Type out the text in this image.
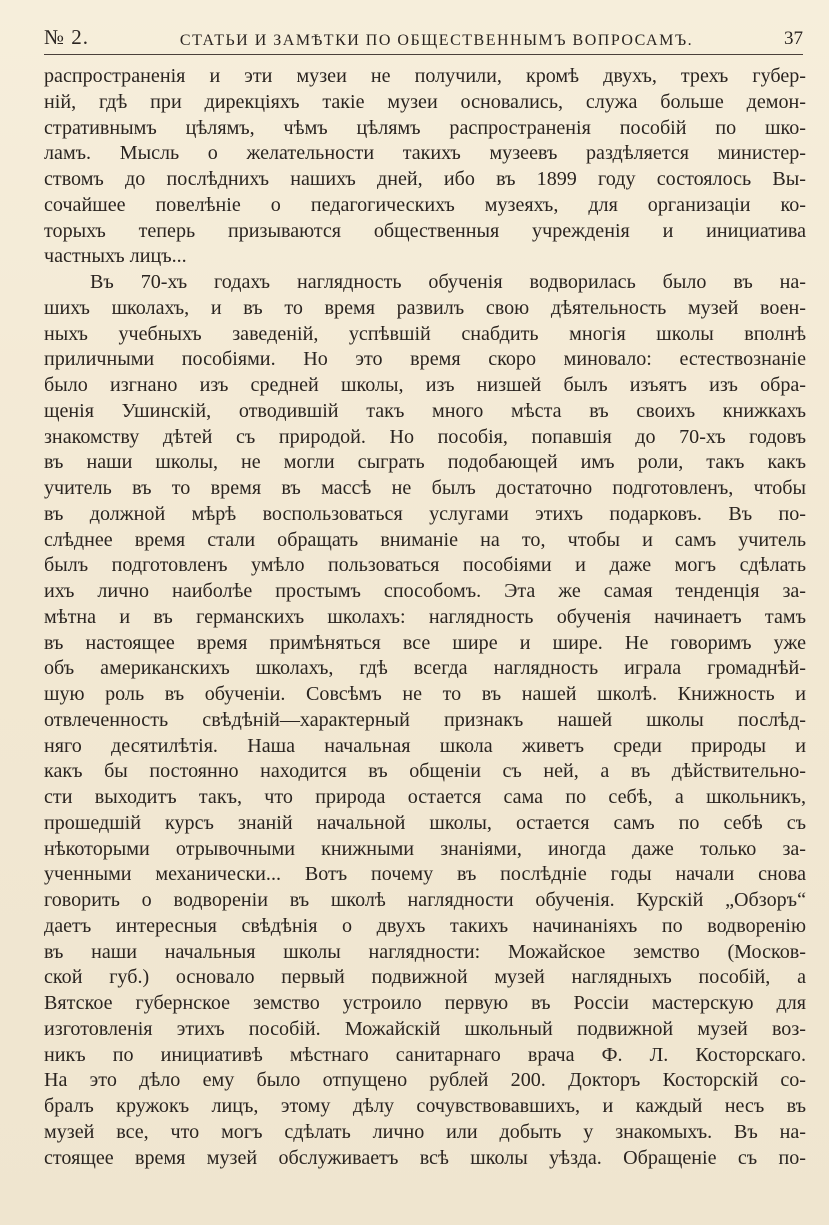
№ 2.	СТАТЬИ И ЗАМѢТКИ ПО ОБЩЕСТВЕННЫМЪ ВОПРОСАМЪ.	37
распространенія и эти музеи не получили, кромѣ двухъ, трехъ губер-
ній, гдѣ при дирекціяхъ такіе музеи основались, служа больше демон-
стративнымъ цѣлямъ, чѣмъ цѣлямъ распространенія пособій по шко-
ламъ. Мысль о желательности такихъ музеевъ раздѣляется министер-
ствомъ до послѣднихъ нашихъ дней, ибо въ 1899 году состоялось Вы-
сочайшее повелѣніе о педагогическихъ музеяхъ, для организаціи ко-
торыхъ теперь призываются общественныя учрежденія и инициатива
частныхъ лицъ...
Въ 70-хъ годахъ наглядность обученія водворилась было въ на-
шихъ школахъ, и въ то время развилъ свою дѣятельность музей воен-
ныхъ учебныхъ заведеній, успѣвшій снабдить многія школы вполнѣ
приличными пособіями. Но это время скоро миновало: естествознаніе
было изгнано изъ средней школы, изъ низшей былъ изъятъ изъ обра-
щенія Ушинскій, отводившій такъ много мѣста въ своихъ книжкахъ
знакомству дѣтей съ природой. Но пособія, попавшія до 70-хъ годовъ
въ наши школы, не могли сыграть подобающей имъ роли, такъ какъ
учитель въ то время въ массѣ не былъ достаточно подготовленъ, чтобы
въ должной мѣрѣ воспользоваться услугами этихъ подарковъ. Въ по-
слѣднее время стали обращать вниманіе на то, чтобы и самъ учитель
былъ подготовленъ умѣло пользоваться пособіями и даже могъ сдѣлать
ихъ лично наиболѣе простымъ способомъ. Эта же самая тенденція за-
мѣтна и въ германскихъ школахъ: наглядность обученія начинаетъ тамъ
въ настоящее время примѣняться все шире и шире. Не говоримъ уже
объ американскихъ школахъ, гдѣ всегда наглядность играла громаднѣй-
шую роль въ обученіи. Совсѣмъ не то въ нашей школѣ. Книжность и
отвлеченность свѣдѣній—характерный признакъ нашей школы послѣд-
няго десятилѣтія. Наша начальная школа живетъ среди природы и
какъ бы постоянно находится въ общеніи съ ней, а въ дѣйствительно-
сти выходитъ такъ, что природа остается сама по себѣ, а школьникъ,
прошедшій курсъ знаній начальной школы, остается самъ по себѣ съ
нѣкоторыми отрывочными книжными знаніями, иногда даже только за-
ученными механически... Вотъ почему въ послѣдніе годы начали снова
говорить о водвореніи въ школѣ наглядности обученія. Курскій „Обзоръ“
даетъ интересныя свѣдѣнія о двухъ такихъ начинаніяхъ по водворенію
въ наши начальныя школы наглядности: Можайское земство (Москов-
ской губ.) основало первый подвижной музей наглядныхъ пособій, а
Вятское губернское земство устроило первую въ Россіи мастерскую для
изготовленія этихъ пособій. Можайскій школьный подвижной музей воз-
никъ по инициативѣ мѣстнаго санитарнаго врача Ф. Л. Косторскаго.
На это дѣло ему было отпущено рублей 200. Докторъ Косторскій со-
бралъ кружокъ лицъ, этому дѣлу сочувствовавшихъ, и каждый несъ въ
музей все, что могъ сдѣлать лично или добыть у знакомыхъ. Въ на-
стоящее время музей обслуживаетъ всѣ школы уѣзда. Обращеніе съ по-
